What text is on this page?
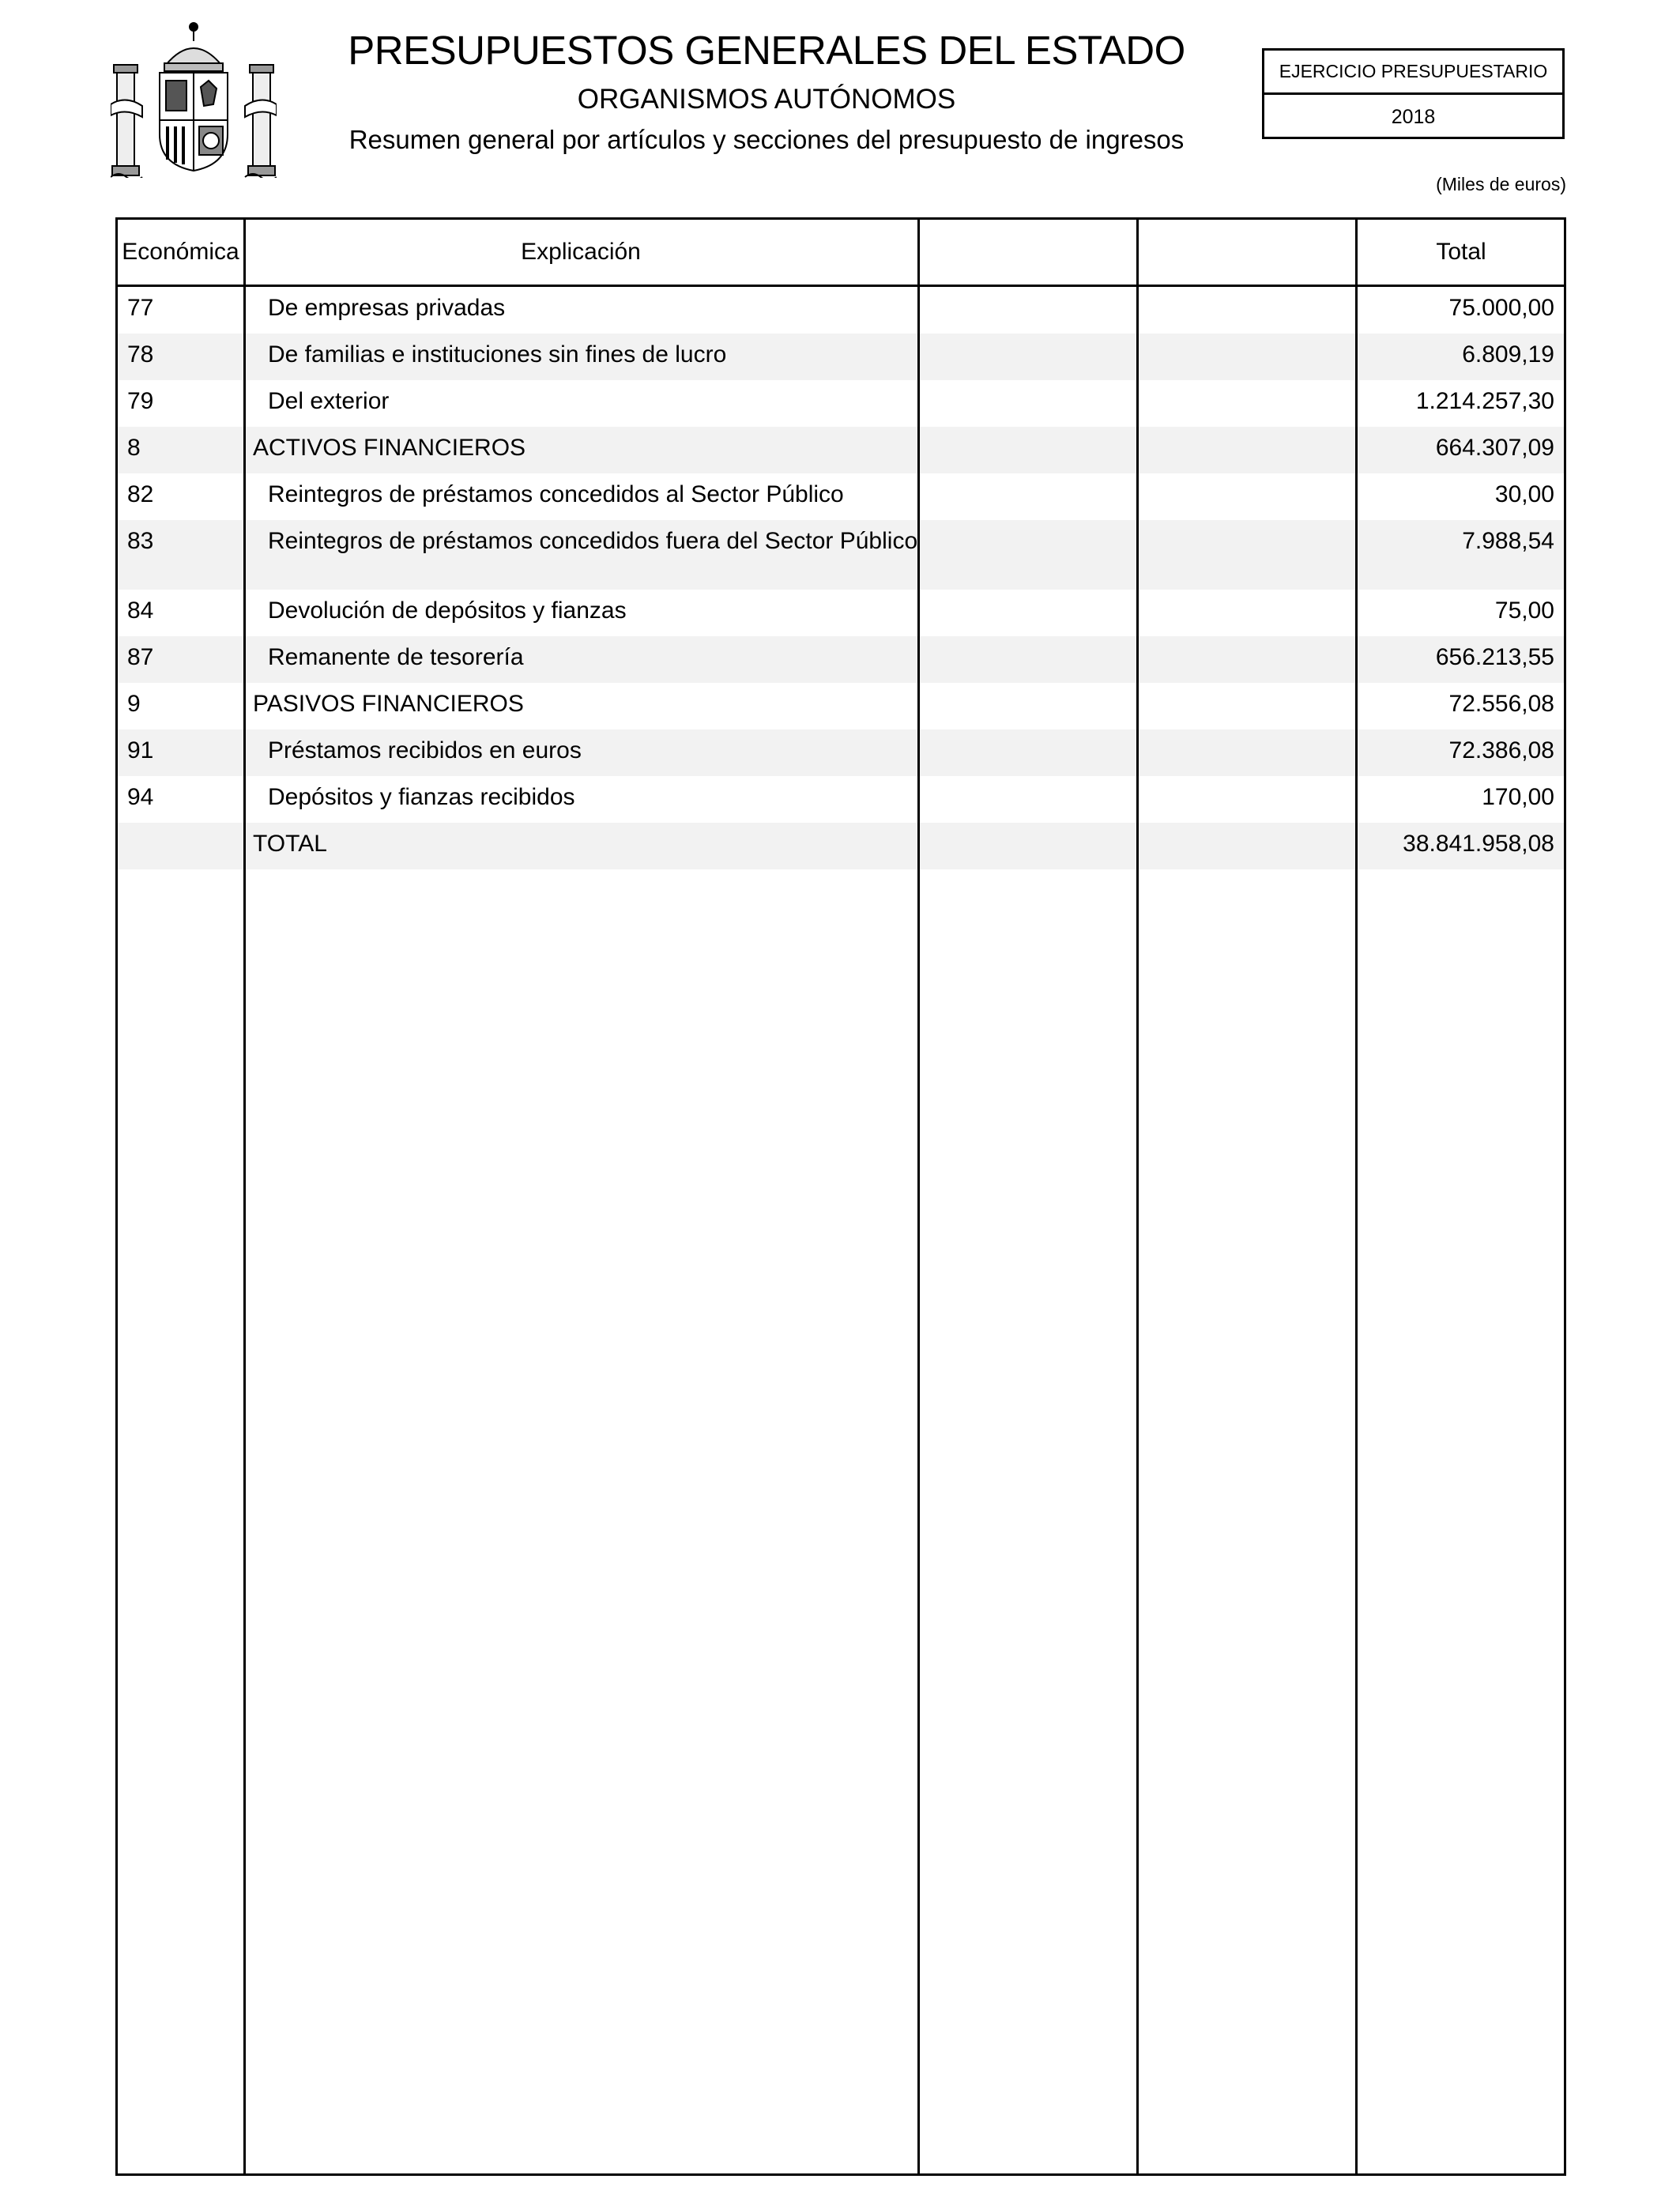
PRESUPUESTOS GENERALES DEL ESTADO
ORGANISMOS AUTÓNOMOS
Resumen general por artículos y secciones del presupuesto de ingresos
EJERCICIO PRESUPUESTARIO
2018
(Miles de euros)
Económica	Explicación	Total
77	De empresas privadas	75.000,00
78	De familias e instituciones sin fines de lucro	6.809,19
79	Del exterior	1.214.257,30
8	ACTIVOS FINANCIEROS	664.307,09
82	Reintegros de préstamos concedidos al Sector Público	30,00
83	Reintegros de préstamos concedidos fuera del Sector Público	7.988,54
84	Devolución de depósitos y fianzas	75,00
87	Remanente de tesorería	656.213,55
9	PASIVOS FINANCIEROS	72.556,08
91	Préstamos recibidos en euros	72.386,08
94	Depósitos y fianzas recibidos	170,00
TOTAL	38.841.958,08
